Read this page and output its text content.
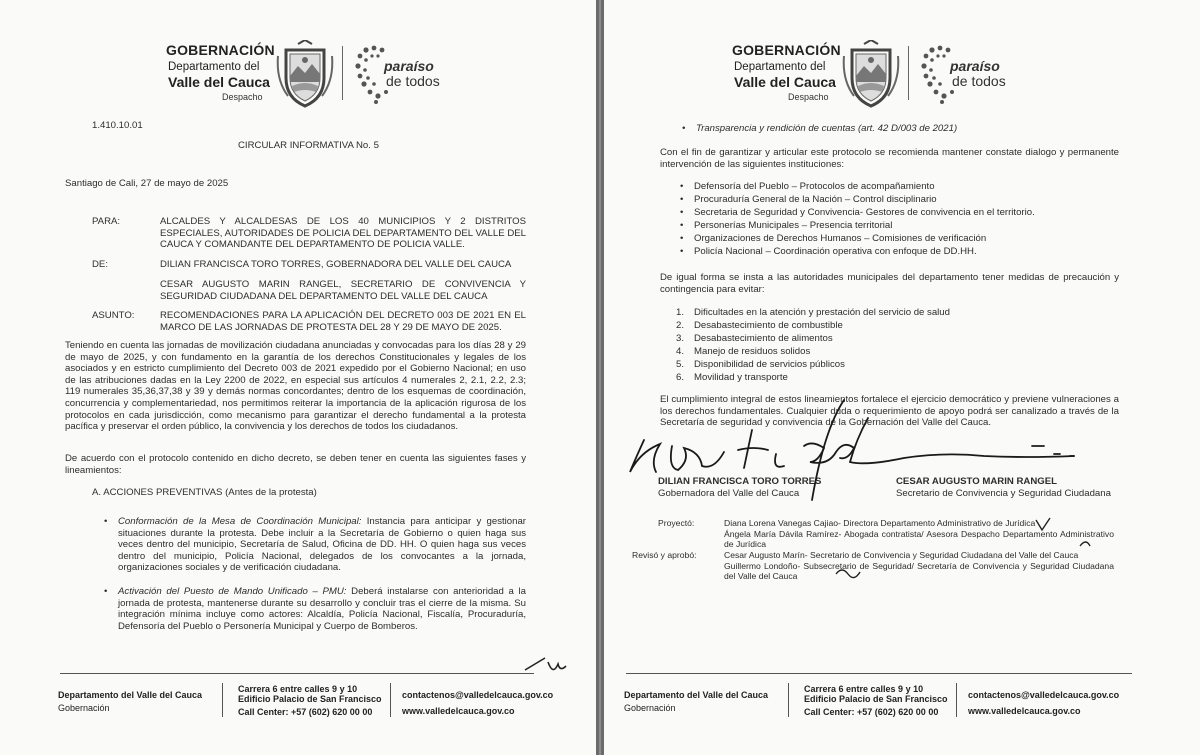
GOBERNACIÓN
Departamento del
Valle del Cauca
Despacho
paraíso
de todos
1.410.10.01
CIRCULAR INFORMATIVA No. 5
Santiago de Cali, 27 de mayo de 2025
PARA:	ALCALDES Y ALCALDESAS DE LOS 40 MUNICIPIOS Y 2 DISTRITOS ESPECIALES, AUTORIDADES DE POLICIA DEL DEPARTAMENTO DEL VALLE DEL CAUCA Y COMANDANTE DEL DEPARTAMENTO DE POLICIA VALLE.
DE:	DILIAN FRANCISCA TORO TORRES, GOBERNADORA DEL VALLE DEL CAUCA
CESAR AUGUSTO MARIN RANGEL, SECRETARIO DE CONVIVENCIA Y SEGURIDAD CIUDADANA DEL DEPARTAMENTO DEL VALLE DEL CAUCA
ASUNTO:	RECOMENDACIONES PARA LA APLICACIÓN DEL DECRETO 003 DE 2021 EN EL MARCO DE LAS JORNADAS DE PROTESTA DEL 28 Y 29 DE MAYO DE 2025.
Teniendo en cuenta las jornadas de movilización ciudadana anunciadas y convocadas para los días 28 y 29 de mayo de 2025, y con fundamento en la garantía de los derechos Constitucionales y legales de los asociados y en estricto cumplimiento del Decreto 003 de 2021 expedido por el Gobierno Nacional; en uso de las atribuciones dadas en la Ley 2200 de 2022, en especial sus artículos 4 numerales 2, 2.1, 2.2, 2.3; 119 numerales 35,36,37,38 y 39 y demás normas concordantes; dentro de los esquemas de coordinación, concurrencia y complementariedad, nos permitimos reiterar la importancia de la aplicación rigurosa de los protocolos en cada jurisdicción, como mecanismo para garantizar el derecho fundamental a la protesta pacífica y preservar el orden público, la convivencia y los derechos de todos los ciudadanos.
De acuerdo con el protocolo contenido en dicho decreto, se deben tener en cuenta las siguientes fases y lineamientos:
A. ACCIONES PREVENTIVAS (Antes de la protesta)
• Conformación de la Mesa de Coordinación Municipal: Instancia para anticipar y gestionar situaciones durante la protesta. Debe incluir a la Secretaría de Gobierno o quien haga sus veces dentro del municipio, Secretaría de Salud, Oficina de DD. HH. O quien haga sus veces dentro del municipio, Policía Nacional, delegados de los convocantes a la jornada, organizaciones sociales y de verificación ciudadana.
• Activación del Puesto de Mando Unificado – PMU: Deberá instalarse con anterioridad a la jornada de protesta, mantenerse durante su desarrollo y concluir tras el cierre de la misma. Su integración mínima incluye como actores: Alcaldía, Policía Nacional, Fiscalía, Procuraduría, Defensoría del Pueblo o Personería Municipal y Cuerpo de Bomberos.
Departamento del Valle del Cauca
Gobernación
Carrera 6 entre calles 9 y 10
Edificio Palacio de San Francisco
Call Center: +57 (602) 620 00 00
contactenos@valledelcauca.gov.co
www.valledelcauca.gov.co
GOBERNACIÓN
Departamento del
Valle del Cauca
Despacho
paraíso
de todos
• Transparencia y rendición de cuentas (art. 42 D/003 de 2021)
Con el fin de garantizar y articular este protocolo se recomienda mantener constate dialogo y permanente intervención de las siguientes instituciones:
• Defensoría del Pueblo – Protocolos de acompañamiento
• Procuraduría General de la Nación – Control disciplinario
• Secretaria de Seguridad y Convivencia- Gestores de convivencia en el territorio.
• Personerías Municipales – Presencia territorial
• Organizaciones de Derechos Humanos – Comisiones de verificación
• Policía Nacional – Coordinación operativa con enfoque de DD.HH.
De igual forma se insta a las autoridades municipales del departamento tener medidas de precaución y contingencia para evitar:
1. Dificultades en la atención y prestación del servicio de salud
2. Desabastecimiento de combustible
3. Desabastecimiento de alimentos
4. Manejo de residuos solidos
5. Disponibilidad de servicios públicos
6. Movilidad y transporte
El cumplimiento integral de estos lineamientos fortalece el ejercicio democrático y previene vulneraciones a los derechos fundamentales. Cualquier duda o requerimiento de apoyo podrá ser canalizado a través de la Secretaría de seguridad y convivencia de la Gobernación del Valle del Cauca.
DILIAN FRANCISCA TORO TORRES
Gobernadora del Valle del Cauca
CESAR AUGUSTO MARIN RANGEL
Secretario de Convivencia y Seguridad Ciudadana
Proyectó:	Diana Lorena Vanegas Cajiao- Directora Departamento Administrativo de Jurídica
Ángela María Dávila Ramírez- Abogada contratista/ Asesora Despacho Departamento Administrativo de Jurídica
Revisó y aprobó:	Cesar Augusto Marín- Secretario de Convivencia y Seguridad Ciudadana del Valle del Cauca
Guillermo Londoño- Subsecretario de Seguridad/ Secretaría de Convivencia y Seguridad Ciudadana del Valle del Cauca
Departamento del Valle del Cauca
Gobernación
Carrera 6 entre calles 9 y 10
Edificio Palacio de San Francisco
Call Center: +57 (602) 620 00 00
contactenos@valledelcauca.gov.co
www.valledelcauca.gov.co
